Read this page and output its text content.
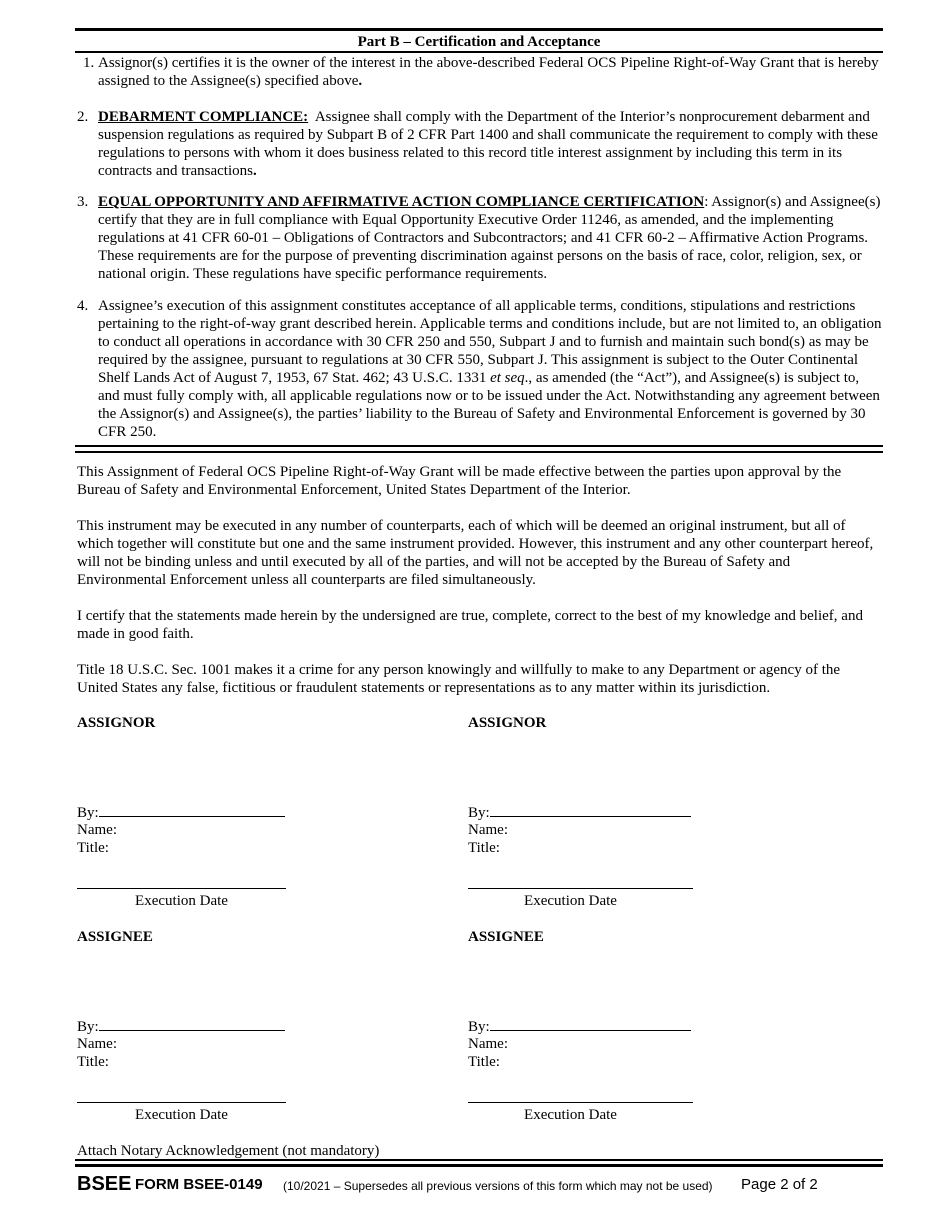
Part B – Certification and Acceptance
1. Assignor(s) certifies it is the owner of the interest in the above-described Federal OCS Pipeline Right-of-Way Grant that is hereby assigned to the Assignee(s) specified above.
2. DEBARMENT COMPLIANCE: Assignee shall comply with the Department of the Interior’s nonprocurement debarment and suspension regulations as required by Subpart B of 2 CFR Part 1400 and shall communicate the requirement to comply with these regulations to persons with whom it does business related to this record title interest assignment by including this term in its contracts and transactions.
3. EQUAL OPPORTUNITY AND AFFIRMATIVE ACTION COMPLIANCE CERTIFICATION: Assignor(s) and Assignee(s) certify that they are in full compliance with Equal Opportunity Executive Order 11246, as amended, and the implementing regulations at 41 CFR 60-01 – Obligations of Contractors and Subcontractors; and 41 CFR 60-2 – Affirmative Action Programs. These requirements are for the purpose of preventing discrimination against persons on the basis of race, color, religion, sex, or national origin. These regulations have specific performance requirements.
4. Assignee’s execution of this assignment constitutes acceptance of all applicable terms, conditions, stipulations and restrictions pertaining to the right-of-way grant described herein. Applicable terms and conditions include, but are not limited to, an obligation to conduct all operations in accordance with 30 CFR 250 and 550, Subpart J and to furnish and maintain such bond(s) as may be required by the assignee, pursuant to regulations at 30 CFR 550, Subpart J. This assignment is subject to the Outer Continental Shelf Lands Act of August 7, 1953, 67 Stat. 462; 43 U.S.C. 1331 et seq., as amended (the “Act”), and Assignee(s) is subject to, and must fully comply with, all applicable regulations now or to be issued under the Act. Notwithstanding any agreement between the Assignor(s) and Assignee(s), the parties’ liability to the Bureau of Safety and Environmental Enforcement is governed by 30 CFR 250.
This Assignment of Federal OCS Pipeline Right-of-Way Grant will be made effective between the parties upon approval by the Bureau of Safety and Environmental Enforcement, United States Department of the Interior.
This instrument may be executed in any number of counterparts, each of which will be deemed an original instrument, but all of which together will constitute but one and the same instrument provided. However, this instrument and any other counterpart hereof, will not be binding unless and until executed by all of the parties, and will not be accepted by the Bureau of Safety and Environmental Enforcement unless all counterparts are filed simultaneously.
I certify that the statements made herein by the undersigned are true, complete, correct to the best of my knowledge and belief, and made in good faith.
Title 18 U.S.C. Sec. 1001 makes it a crime for any person knowingly and willfully to make to any Department or agency of the United States any false, fictitious or fraudulent statements or representations as to any matter within its jurisdiction.
ASSIGNOR
By:
Name:
Title:
Execution Date
ASSIGNOR
By:
Name:
Title:
Execution Date
ASSIGNEE
By:
Name:
Title:
Execution Date
ASSIGNEE
By:
Name:
Title:
Execution Date
Attach Notary Acknowledgement (not mandatory)
BSEE FORM BSEE-0149 (10/2021 – Supersedes all previous versions of this form which may not be used) Page 2 of 2
